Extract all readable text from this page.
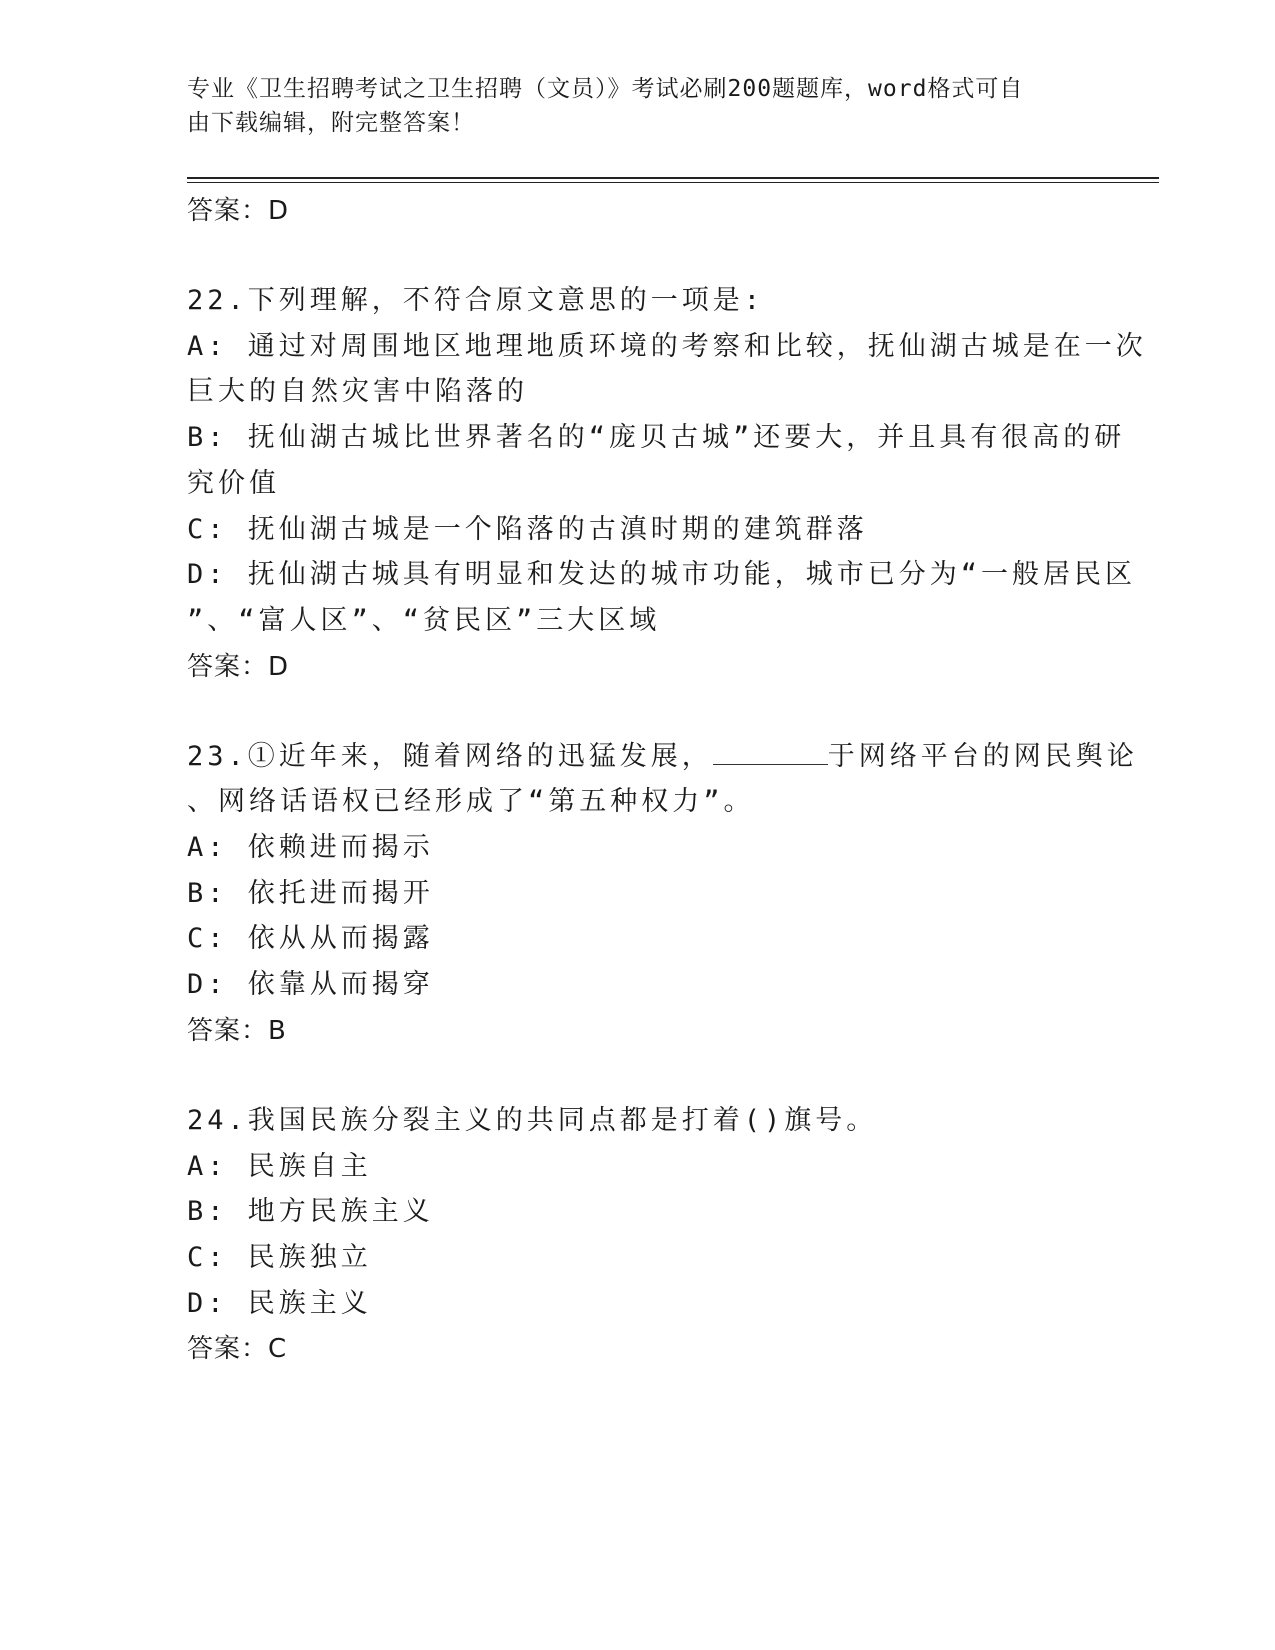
专业《卫生招聘考试之卫生招聘（文员）》考试必刷200题题库，word格式可自
由下载编辑，附完整答案！
答案：D
22.下列理解，不符合原文意思的一项是:
A: 通过对周围地区地理地质环境的考察和比较，抚仙湖古城是在一次
巨大的自然灾害中陷落的
B: 抚仙湖古城比世界著名的“庞贝古城”还要大，并且具有很高的研
究价值
C: 抚仙湖古城是一个陷落的古滇时期的建筑群落
D: 抚仙湖古城具有明显和发达的城市功能，城市已分为“一般居民区
”、“富人区”、“贫民区”三大区域
答案：D
23.①近年来，随着网络的迅猛发展，	于网络平台的网民舆论
、网络话语权已经形成了“第五种权力”。
A: 依赖进而揭示
B: 依托进而揭开
C: 依从从而揭露
D: 依靠从而揭穿
答案：B
24.我国民族分裂主义的共同点都是打着()旗号。
A: 民族自主
B: 地方民族主义
C: 民族独立
D: 民族主义
答案：C
